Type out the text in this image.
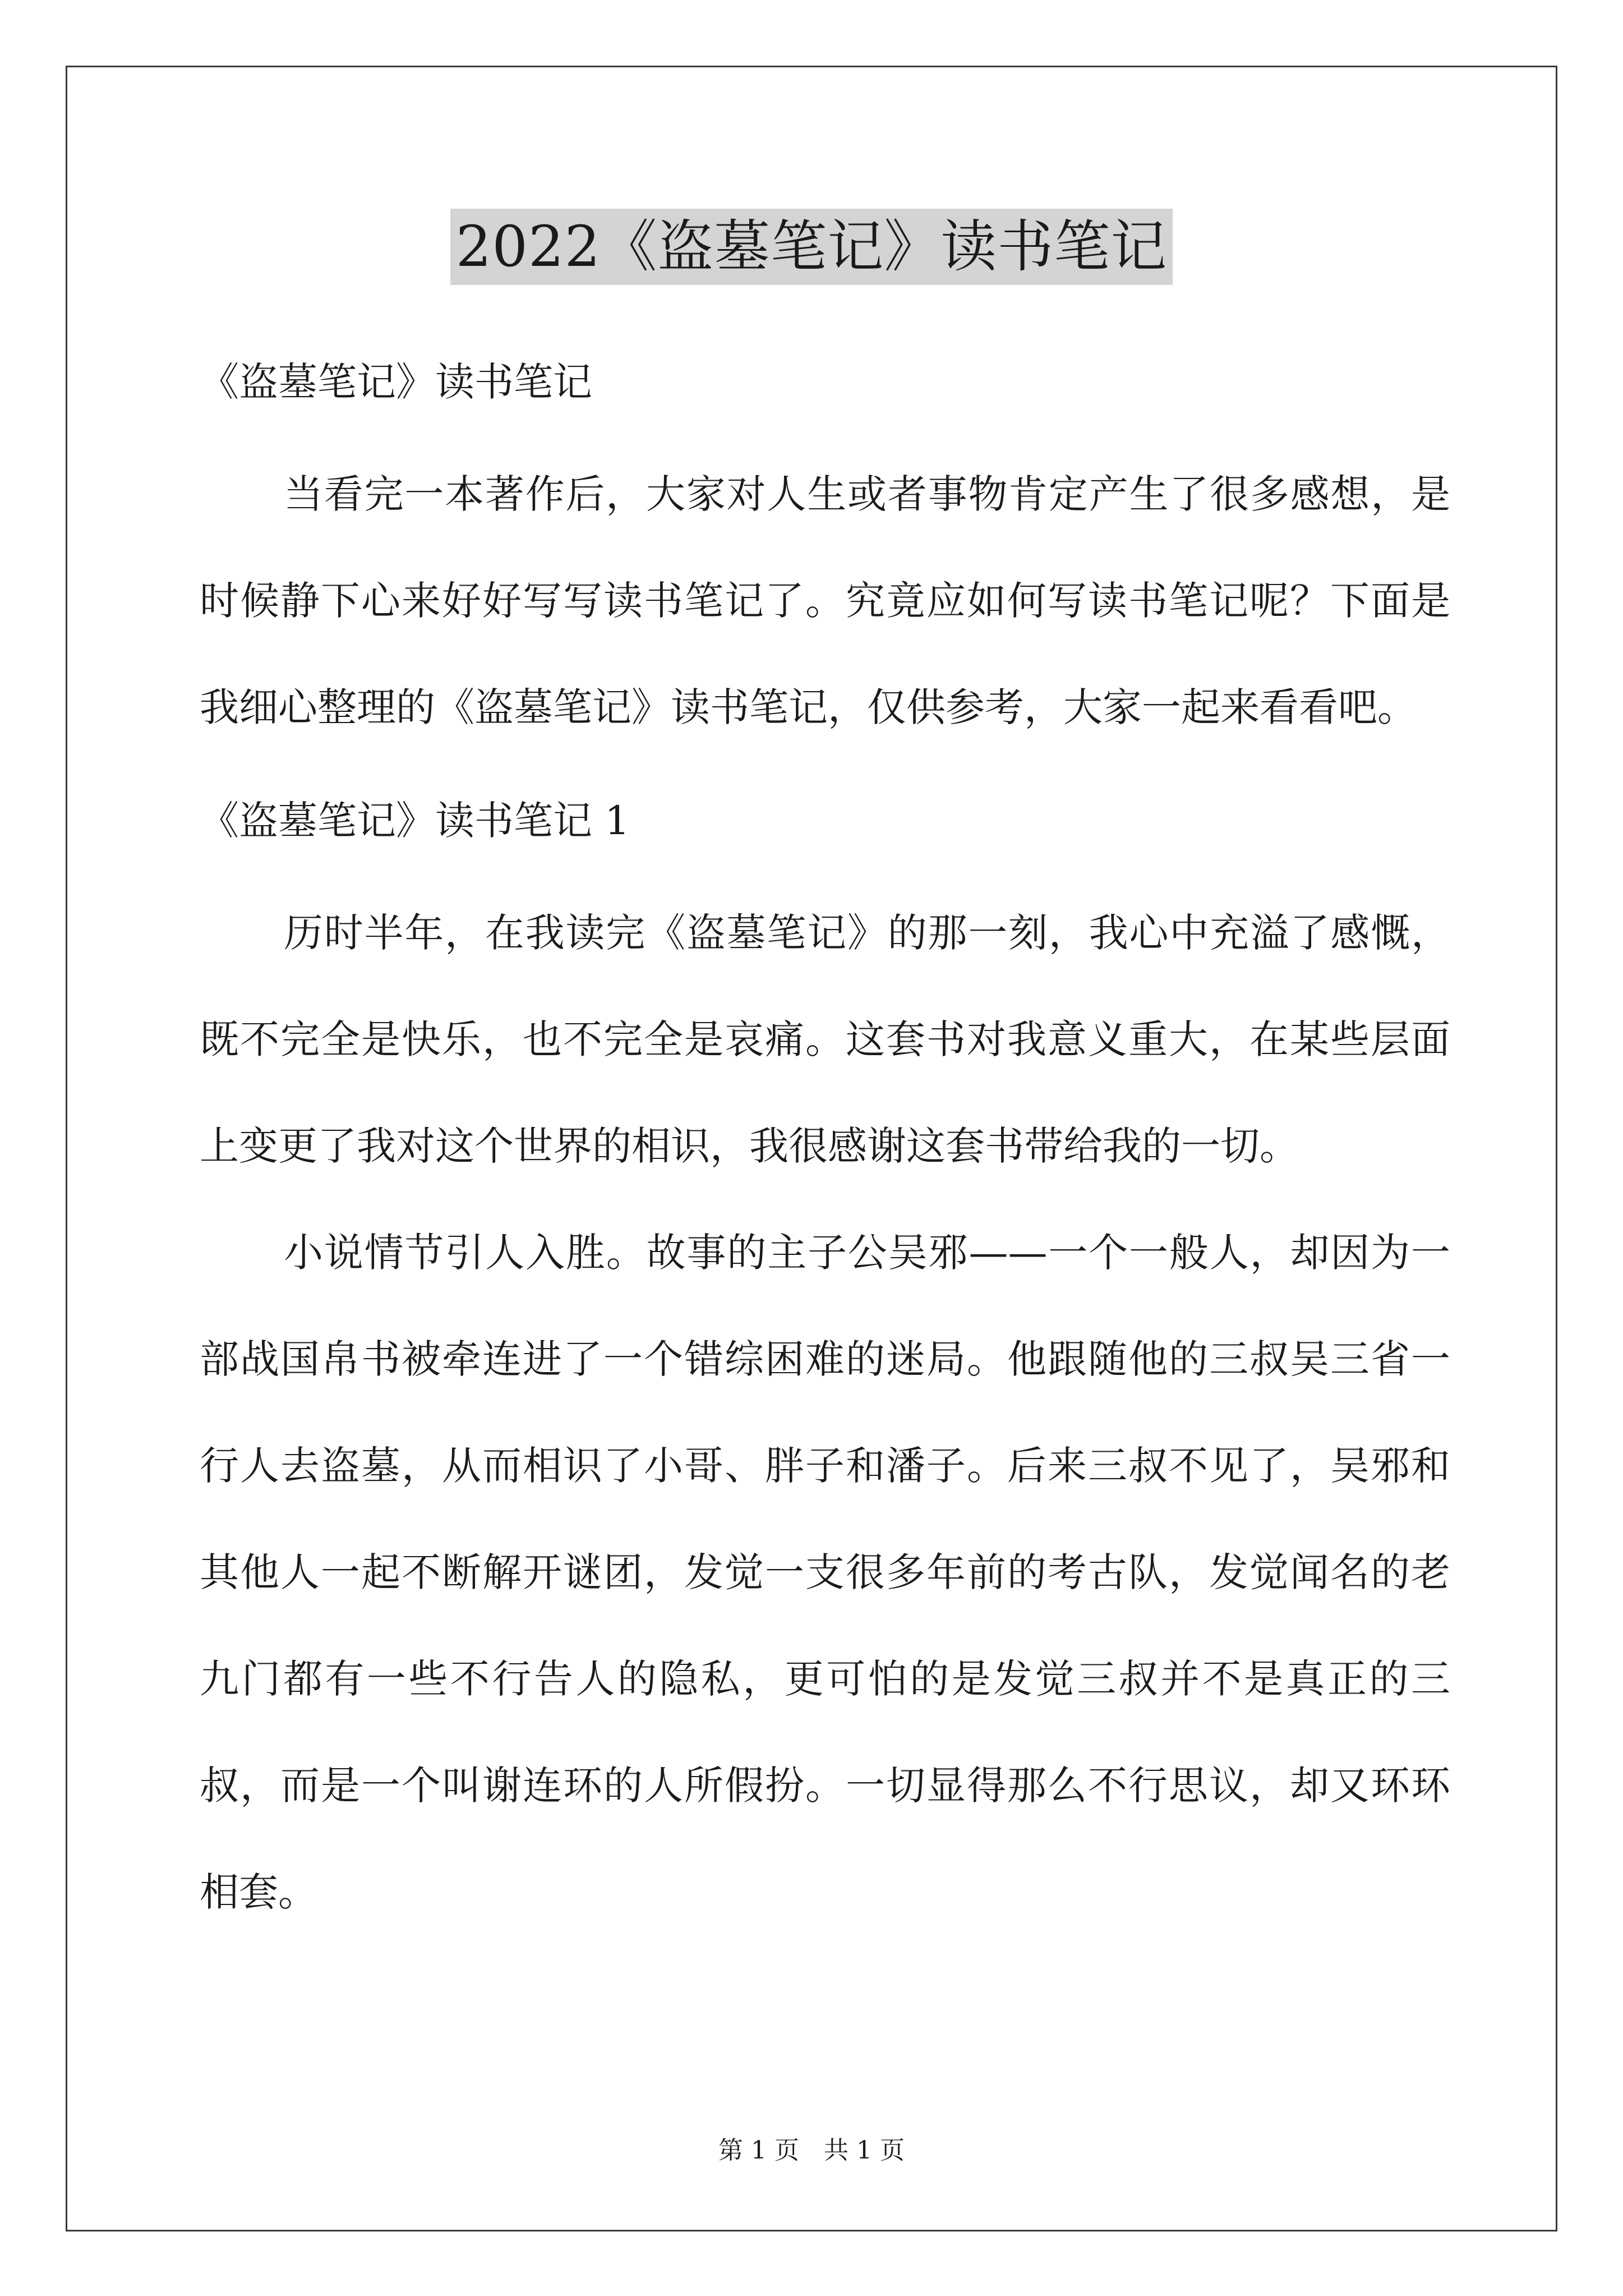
2022《盗墓笔记》读书笔记
《盗墓笔记》读书笔记

当看完一本著作后，大家对人生或者事物肯定产生了很多感想，是时候静下心来好好写写读书笔记了。究竟应如何写读书笔记呢？下面是我细心整理的《盗墓笔记》读书笔记，仅供参考，大家一起来看看吧。

《盗墓笔记》读书笔记 1

历时半年，在我读完《盗墓笔记》的那一刻，我心中充溢了感慨，既不完全是快乐，也不完全是哀痛。这套书对我意义重大，在某些层面上变更了我对这个世界的相识，我很感谢这套书带给我的一切。

小说情节引人入胜。故事的主子公吴邪——一个一般人，却因为一部战国帛书被牵连进了一个错综困难的迷局。他跟随他的三叔吴三省一行人去盗墓，从而相识了小哥、胖子和潘子。后来三叔不见了，吴邪和其他人一起不断解开谜团，发觉一支很多年前的考古队，发觉闻名的老九门都有一些不行告人的隐私，更可怕的是发觉三叔并不是真正的三叔，而是一个叫谢连环的人所假扮。一切显得那么不行思议，却又环环相套。

第 1 页　共 1 页
